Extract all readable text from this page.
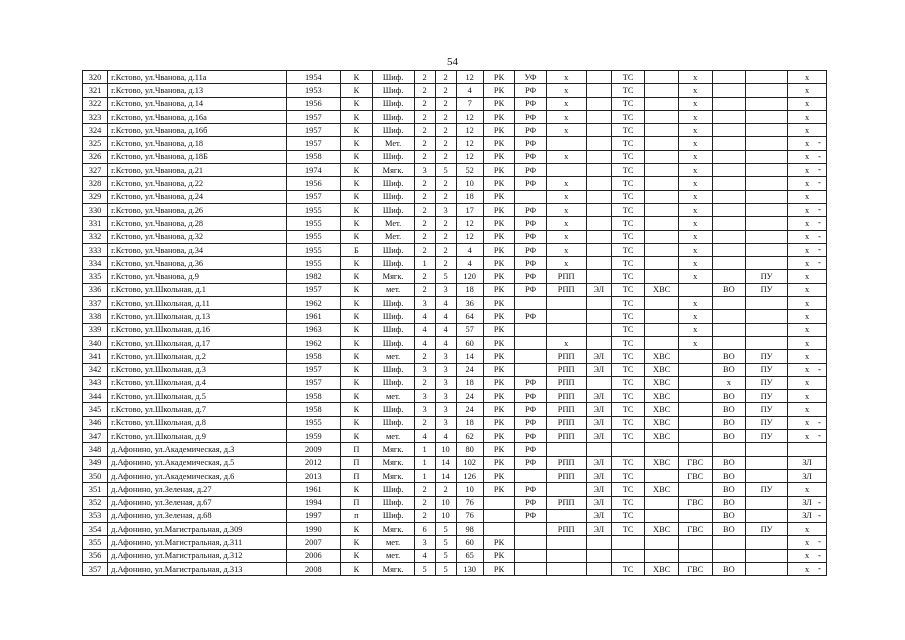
54
320	г.Кстово, ул.Чванова, д.11а	1954	К	Шиф.	2	2	12	РК	УФ	х		ТС		х			х
321	г.Кстово, ул.Чванова, д.13	1953	К	Шиф.	2	2	4	РК	РФ	х		ТС		х			х
322	г.Кстово, ул.Чванова, д.14	1956	К	Шиф.	2	2	7	РК	РФ	х		ТС		х			х
323	г.Кстово, ул.Чванова, д.16а	1957	К	Шиф.	2	2	12	РК	РФ	х		ТС		х			х
324	г.Кстово, ул.Чванова, д.16б	1957	К	Шиф.	2	2	12	РК	РФ	х		ТС		х			х
325	г.Кстово, ул.Чванова, д.18	1957	К	Мет.	2	2	12	РК	РФ			ТС		х			х
326	г.Кстово, ул.Чванова, д.18Б	1958	К	Шиф.	2	2	12	РК	РФ	х		ТС		х			х
327	г.Кстово, ул.Чванова, д.21	1974	К	Мягк.	3	5	52	РК	РФ			ТС		х			х
328	г.Кстово, ул.Чванова, д.22	1956	К	Шиф.	2	2	10	РК	РФ	х		ТС		х			х
329	г.Кстово, ул.Чванова, д.24	1957	К	Шиф.	2	2	18	РК		х		ТС		х			х
330	г.Кстово, ул.Чванова, д.26	1955	К	Шиф.	2	3	17	РК	РФ	х		ТС		х			х
331	г.Кстово, ул.Чванова, д.28	1955	К	Мет.	2	2	12	РК	РФ	х		ТС		х			х
332	г.Кстово, ул.Чванова, д.32	1955	К	Мет.	2	2	12	РК	РФ	х		ТС		х			х
333	г.Кстово, ул.Чванова, д.34	1955	Б	Шиф.	2	2	4	РК	РФ	х		ТС		х			х
334	г.Кстово, ул.Чванова, д.36	1955	К	Шиф.	1	2	4	РК	РФ	х		ТС		х			х
335	г.Кстово, ул.Чванова, д.9	1982	К	Мягк.	2	5	120	РК	РФ	РПП		ТС		х		ПУ	х
336	г.Кстово, ул.Школьная, д.1	1957	К	мет.	2	3	18	РК	РФ	РПП	ЭЛ	ТС	ХВС		ВО	ПУ	х
337	г.Кстово, ул.Школьная, д.11	1962	К	Шиф.	3	4	36	РК				ТС		х			х
338	г.Кстово, ул.Школьная, д.13	1961	К	Шиф.	4	4	64	РК	РФ			ТС		х			х
339	г.Кстово, ул.Школьная, д.16	1963	К	Шиф.	4	4	57	РК				ТС		х			х
340	г.Кстово, ул.Школьная, д.17	1962	К	Шиф.	4	4	60	РК		х		ТС		х			х
341	г.Кстово, ул.Школьная, д.2	1958	К	мет.	2	3	14	РК		РПП	ЭЛ	ТС	ХВС		ВО	ПУ	х
342	г.Кстово, ул.Школьная, д.3	1957	К	Шиф.	3	3	24	РК		РПП	ЭЛ	ТС	ХВС		ВО	ПУ	х
343	г.Кстово, ул.Школьная, д.4	1957	К	Шиф.	2	3	18	РК	РФ	РПП		ТС	ХВС		х	ПУ	х
344	г.Кстово, ул.Школьная, д.5	1958	К	мет.	3	3	24	РК	РФ	РПП	ЭЛ	ТС	ХВС		ВО	ПУ	х
345	г.Кстово, ул.Школьная, д.7	1958	К	Шиф.	3	3	24	РК	РФ	РПП	ЭЛ	ТС	ХВС		ВО	ПУ	х
346	г.Кстово, ул.Школьная, д.8	1955	К	Шиф.	2	3	18	РК	РФ	РПП	ЭЛ	ТС	ХВС		ВО	ПУ	х
347	г.Кстово, ул.Школьная, д.9	1959	К	мет.	4	4	62	РК	РФ	РПП	ЭЛ	ТС	ХВС		ВО	ПУ	х
348	д.Афонино, ул.Академическая, д.3	2009	П	Мягк.	1	10	80	РК	РФ								
349	д.Афонино, ул.Академическая, д.5	2012	П	Мягк.	1	14	102	РК	РФ	РПП	ЭЛ	ТС	ХВС	ГВС	ВО		ЗЛ
350	д.Афонино, ул.Академическая, д.6	2013	П	Мягк.	1	14	126	РК		РПП	ЭЛ	ТС		ГВС	ВО		ЗЛ
351	д.Афонино, ул.Зеленая, д.27	1961	К	Шиф.	2	2	10	РК	РФ		ЭЛ	ТС	ХВС		ВО	ПУ	х
352	д.Афонино, ул.Зеленая, д.67	1994	П	Шиф.	2	10	76		РФ	РПП	ЭЛ	ТС		ГВС	ВО		ЗЛ
353	д.Афонино, ул.Зеленая, д.68	1997	п	Шиф.	2	10	76		РФ		ЭЛ	ТС			ВО		ЗЛ
354	д.Афонино, ул.Магистральная, д.309	1990	К	Мягк.	6	5	98			РПП	ЭЛ	ТС	ХВС	ГВС	ВО	ПУ	х
355	д.Афонино, ул.Магистральная, д.311	2007	К	мет.	3	5	60	РК									х
356	д.Афонино, ул.Магистральная, д.312	2006	К	мет.	4	5	65	РК									х
357	д.Афонино, ул.Магистральная, д.313	2008	К	Мягк.	5	5	130	РК				ТС	ХВС	ГВС	ВО		х
-
-
-
-
-
-
-
-
-
-
-
-
-
-
-
-
-
